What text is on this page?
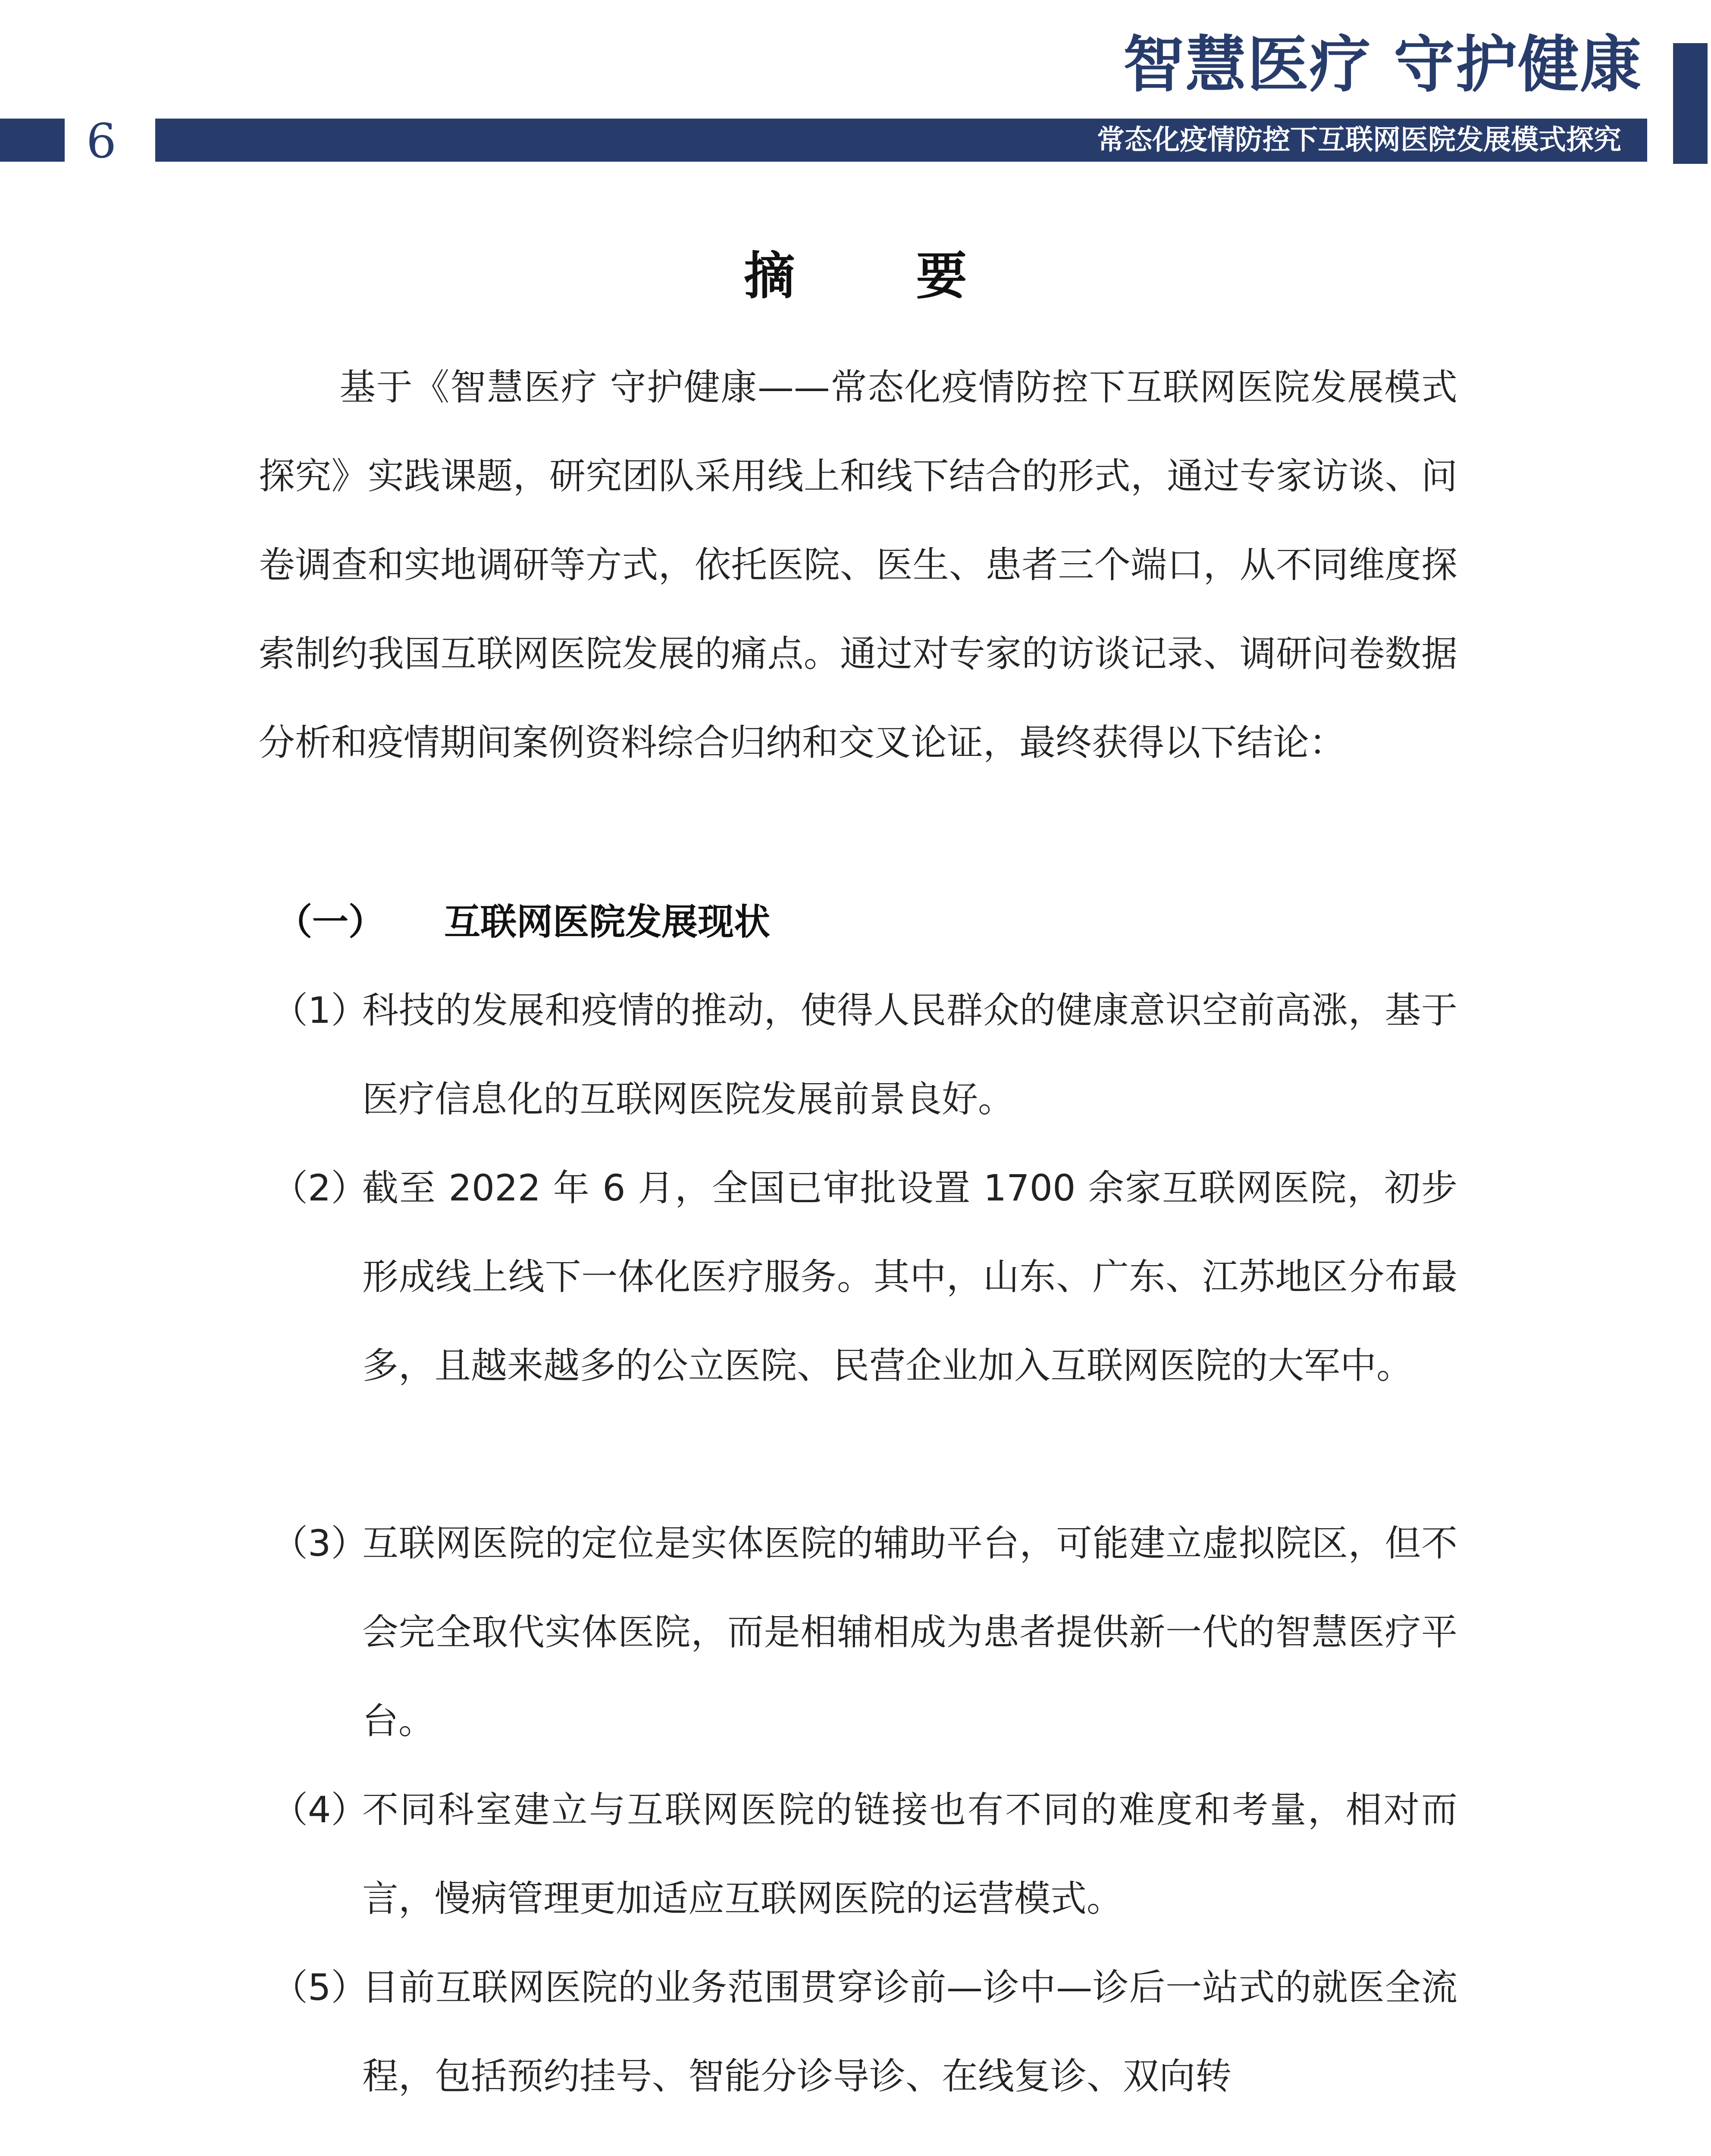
智慧医疗 守护健康
6	常态化疫情防控下互联网医院发展模式探究
摘 要
基于《智慧医疗 守护健康——常态化疫情防控下互联网医院发展模式探究》实践课题，研究团队采用线上和线下结合的形式，通过专家访谈、问卷调查和实地调研等方式，依托医院、医生、患者三个端口，从不同维度探索制约我国互联网医院发展的痛点。通过对专家的访谈记录、调研问卷数据分析和疫情期间案例资料综合归纳和交叉论证，最终获得以下结论：
（一） 互联网医院发展现状
（1）
科技的发展和疫情的推动，使得人民群众的健康意识空前高涨，基于医疗信息化的互联网医院发展前景良好。
（2）
截至 2022 年 6 月，全国已审批设置 1700 余家互联网医院，初步形成线上线下一体化医疗服务。其中，山东、广东、江苏地区分布最多，且越来越多的公立医院、民营企业加入互联网医院的大军中。
（3）
互联网医院的定位是实体医院的辅助平台，可能建立虚拟院区，但不会完全取代实体医院，而是相辅相成为患者提供新一代的智慧医疗平台。
（4）
不同科室建立与互联网医院的链接也有不同的难度和考量，相对而言，慢病管理更加适应互联网医院的运营模式。
（5）
目前互联网医院的业务范围贯穿诊前—诊中—诊后一站式的就医全流程，包括预约挂号、智能分诊导诊、在线复诊、双向转
